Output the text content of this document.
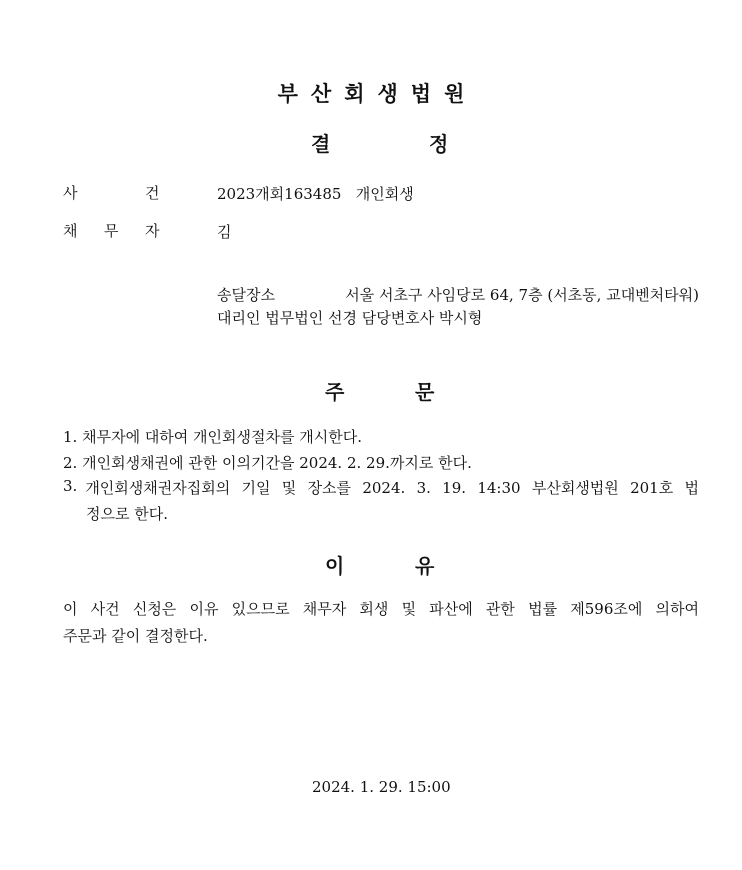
부산회생법원
결	정
사	건	2023개회163485   개인회생
채 무 자	김
송달장소	서울 서초구 사임당로 64, 7층 (서초동, 교대벤처타워)
대리인 법무법인 선경 담당변호사 박시형
주	문
1. 채무자에 대하여 개인회생절차를 개시한다.
2. 개인회생채권에 관한 이의기간을 2024. 2. 29.까지로 한다.
3. 개인회생채권자집회의 기일 및 장소를 2024. 3. 19. 14:30 부산회생법원 201호 법
정으로 한다.
이	유
이 사건 신청은 이유 있으므로 채무자 회생 및 파산에 관한 법률 제596조에 의하여
주문과 같이 결정한다.
2024. 1. 29. 15:00
